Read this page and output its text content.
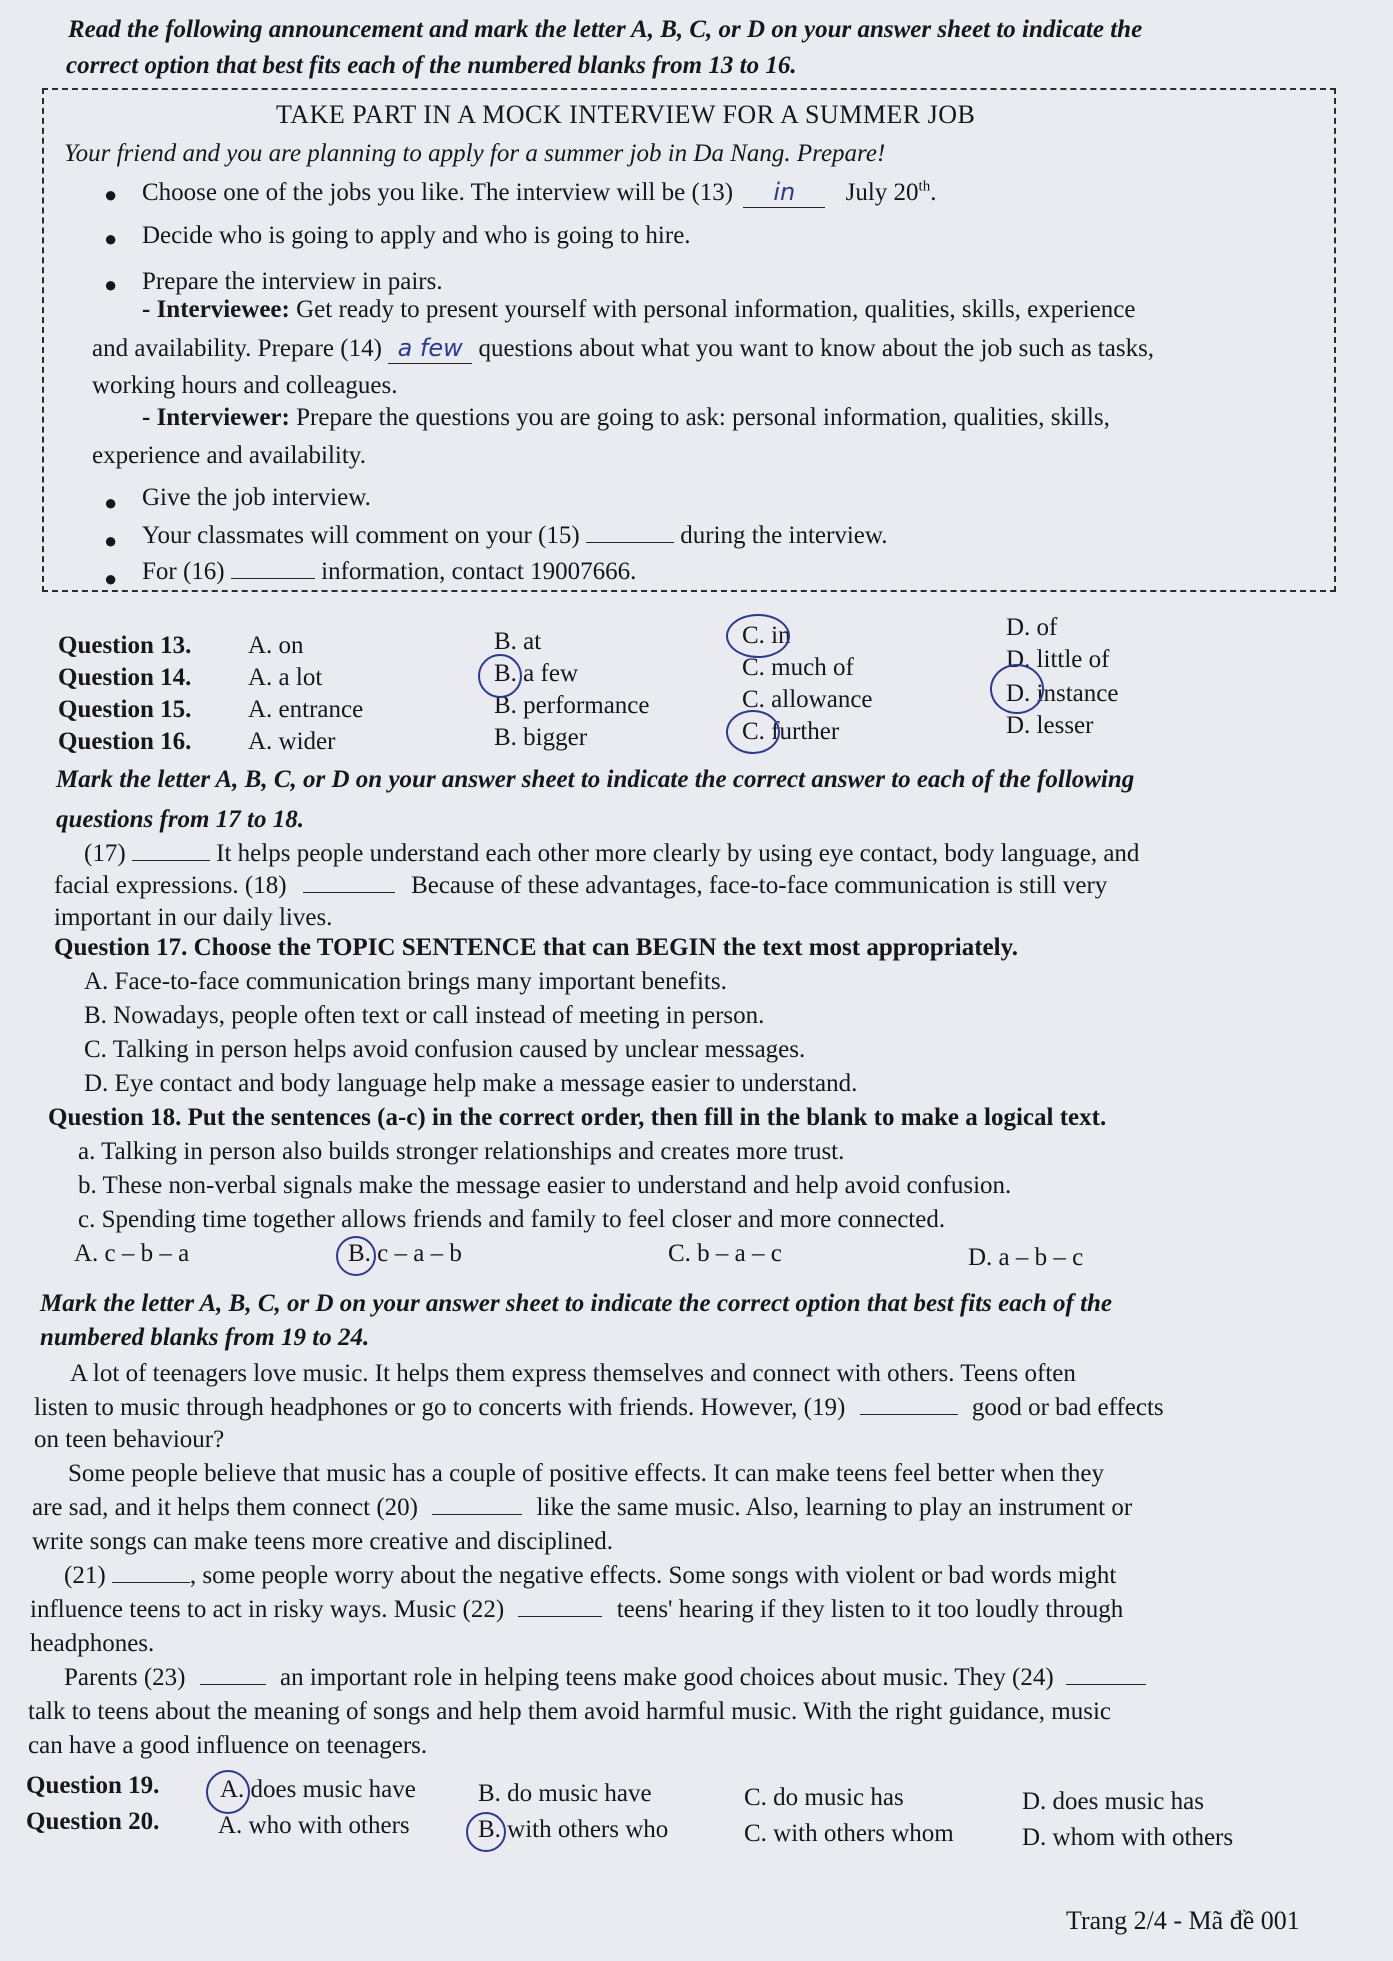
Read the following announcement and mark the letter A, B, C, or D on your answer sheet to indicate the
correct option that best fits each of the numbered blanks from 13 to 16.
TAKE PART IN A MOCK INTERVIEW FOR A SUMMER JOB
Your friend and you are planning to apply for a summer job in Da Nang. Prepare!
● Choose one of the jobs you like. The interview will be (13) in July 20th.
● Decide who is going to apply and who is going to hire.
● Prepare the interview in pairs.
- Interviewee: Get ready to present yourself with personal information, qualities, skills, experience
and availability. Prepare (14) a few questions about what you want to know about the job such as tasks,
working hours and colleagues.
- Interviewer: Prepare the questions you are going to ask: personal information, qualities, skills,
experience and availability.
● Give the job interview.
● Your classmates will comment on your (15)	during the interview.
● For (16)	information, contact 19007666.
Question 13. A. on	B. at	C. in	D. of
Question 14. A. a lot	B. a few	C. much of	D. little of
Question 15. A. entrance	B. performance	C. allowance	D. instance
Question 16. A. wider	B. bigger	C. further	D. lesser
Mark the letter A, B, C, or D on your answer sheet to indicate the correct answer to each of the following
questions from 17 to 18.
(17)	It helps people understand each other more clearly by using eye contact, body language, and
facial expressions. (18)	Because of these advantages, face-to-face communication is still very
important in our daily lives.
Question 17. Choose the TOPIC SENTENCE that can BEGIN the text most appropriately.
A. Face-to-face communication brings many important benefits.
B. Nowadays, people often text or call instead of meeting in person.
C. Talking in person helps avoid confusion caused by unclear messages.
D. Eye contact and body language help make a message easier to understand.
Question 18. Put the sentences (a-c) in the correct order, then fill in the blank to make a logical text.
a. Talking in person also builds stronger relationships and creates more trust.
b. These non-verbal signals make the message easier to understand and help avoid confusion.
c. Spending time together allows friends and family to feel closer and more connected.
A. c – b – a	B. c – a – b	C. b – a – c	D. a – b – c
Mark the letter A, B, C, or D on your answer sheet to indicate the correct option that best fits each of the
numbered blanks from 19 to 24.
A lot of teenagers love music. It helps them express themselves and connect with others. Teens often
listen to music through headphones or go to concerts with friends. However, (19)	good or bad effects
on teen behaviour?
Some people believe that music has a couple of positive effects. It can make teens feel better when they
are sad, and it helps them connect (20)	like the same music. Also, learning to play an instrument or
write songs can make teens more creative and disciplined.
(21)	, some people worry about the negative effects. Some songs with violent or bad words might
influence teens to act in risky ways. Music (22)	teens' hearing if they listen to it too loudly through
headphones.
Parents (23)	an important role in helping teens make good choices about music. They (24)
talk to teens about the meaning of songs and help them avoid harmful music. With the right guidance, music
can have a good influence on teenagers.
Question 19. A. does music have B. do music have	C. do music has	D. does music has
Question 20. A. who with others	B. with others who	C. with others whom	D. whom with others
Trang 2/4 - Mã đề 001
